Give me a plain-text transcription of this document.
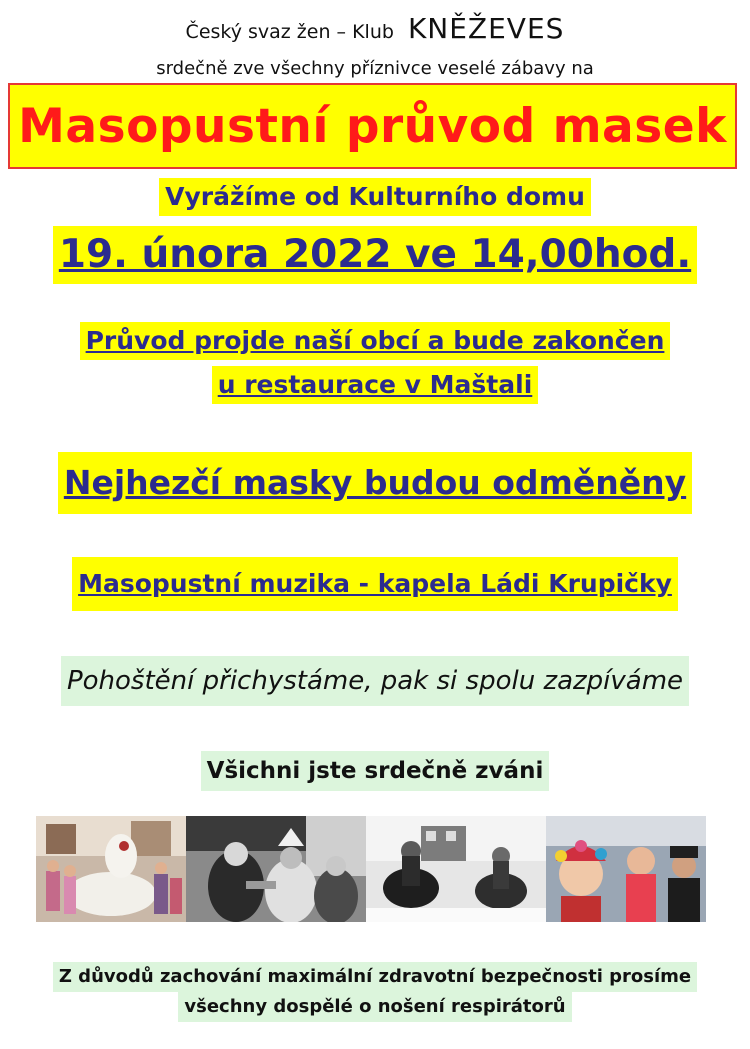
Český svaz žen – Klub KNĚŽEVES
srdečně zve všechny příznivce veselé zábavy na
Masopustní průvod masek
Vyrážíme od Kulturního domu
19. února 2022 ve 14,00hod.
Průvod projde naší obcí a bude zakončen
u restaurace v Maštali
Nejhezčí masky budou odměněny
Masopustní muzika - kapela Ládi Krupičky
Pohoštění přichystáme, pak si spolu zazpíváme
Všichni jste srdečně zváni
Z důvodů zachování maximální zdravotní bezpečnosti prosíme
všechny dospělé o nošení respirátorů
